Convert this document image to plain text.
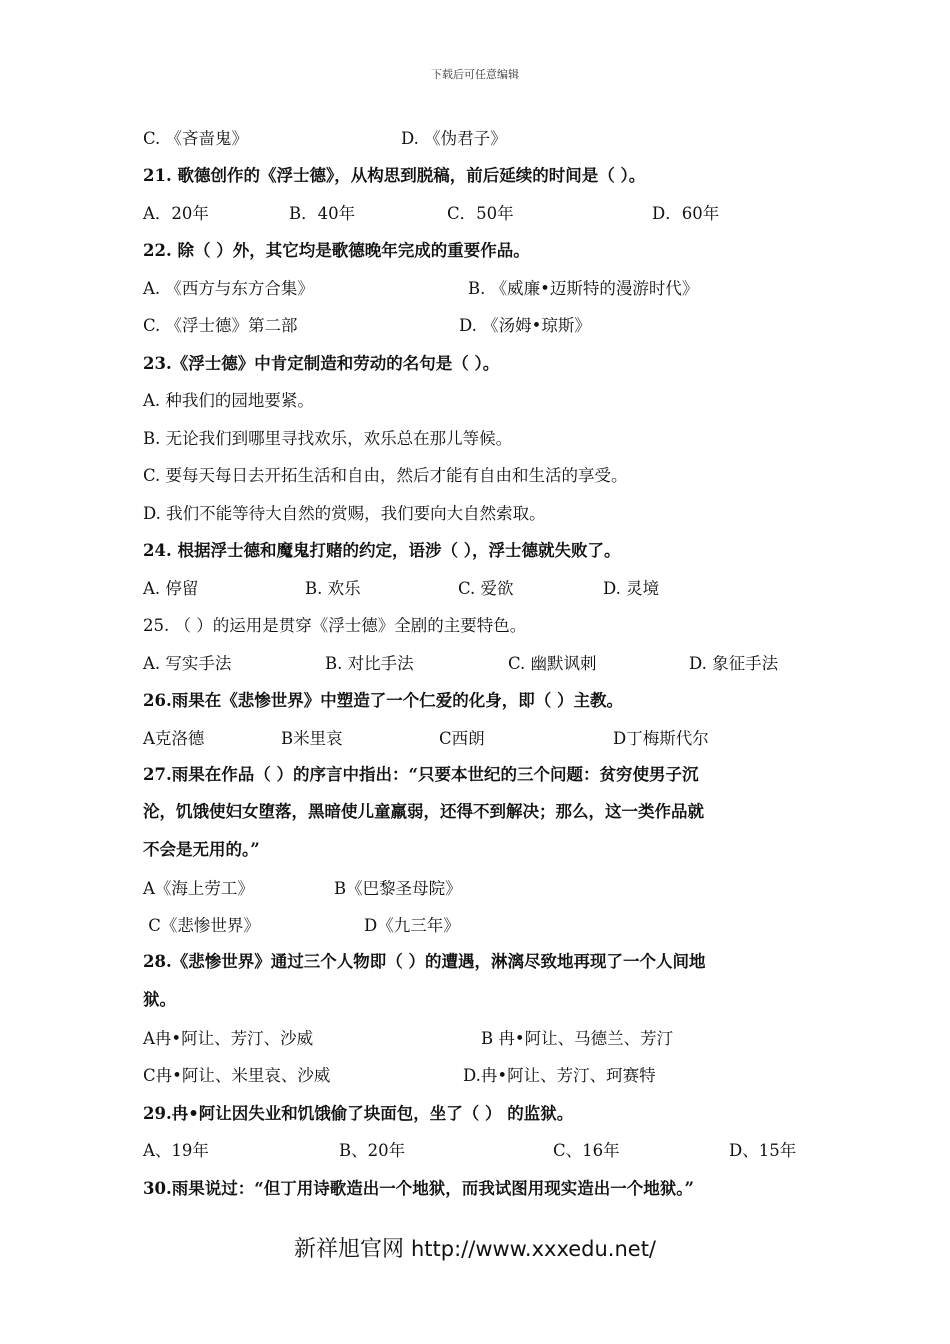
下载后可任意编辑
C. 《吝啬鬼》	D. 《伪君子》
21. 歌德创作的《浮士德》，从构思到脱稿，前后延续的时间是（ ）。
A．20年	B．40年	C．50年	D．60年
22. 除（ ）外，其它均是歌德晚年完成的重要作品。
A. 《西方与东方合集》	B. 《威廉•迈斯特的漫游时代》
C. 《浮士德》第二部	D. 《汤姆•琼斯》
23.《浮士德》中肯定制造和劳动的名句是（ ）。
A. 种我们的园地要紧。
B. 无论我们到哪里寻找欢乐，欢乐总在那儿等候。
C. 要每天每日去开拓生活和自由，然后才能有自由和生活的享受。
D. 我们不能等待大自然的赏赐，我们要向大自然索取。
24. 根据浮士德和魔鬼打赌的约定，语涉（ ），浮士德就失败了。
A. 停留	B. 欢乐	C. 爱欲	D. 灵境
25. （ ）的运用是贯穿《浮士德》全剧的主要特色。
A. 写实手法	B. 对比手法	C. 幽默讽刺	D. 象征手法
26.雨果在《悲惨世界》中塑造了一个仁爱的化身，即（ ）主教。
A克洛德	B米里哀	C西朗	D丁梅斯代尔
27.雨果在作品（ ）的序言中指出：“只要本世纪的三个问题：贫穷使男子沉
沦，饥饿使妇女堕落，黑暗使儿童羸弱，还得不到解决；那么，这一类作品就
不会是无用的。”
A《海上劳工》	B《巴黎圣母院》
C《悲惨世界》	D《九三年》
28.《悲惨世界》通过三个人物即（ ）的遭遇，淋漓尽致地再现了一个人间地
狱。
A冉•阿让、芳汀、沙威	B 冉•阿让、马德兰、芳汀
C冉•阿让、米里哀、沙威	D.冉•阿让、芳汀、珂赛特
29.冉•阿让因失业和饥饿偷了块面包，坐了（ ） 的监狱。
A、19年	B、20年	C、16年	D、15年
30.雨果说过：“但丁用诗歌造出一个地狱，而我试图用现实造出一个地狱。”
新祥旭官网 http://www.xxxedu.net/
